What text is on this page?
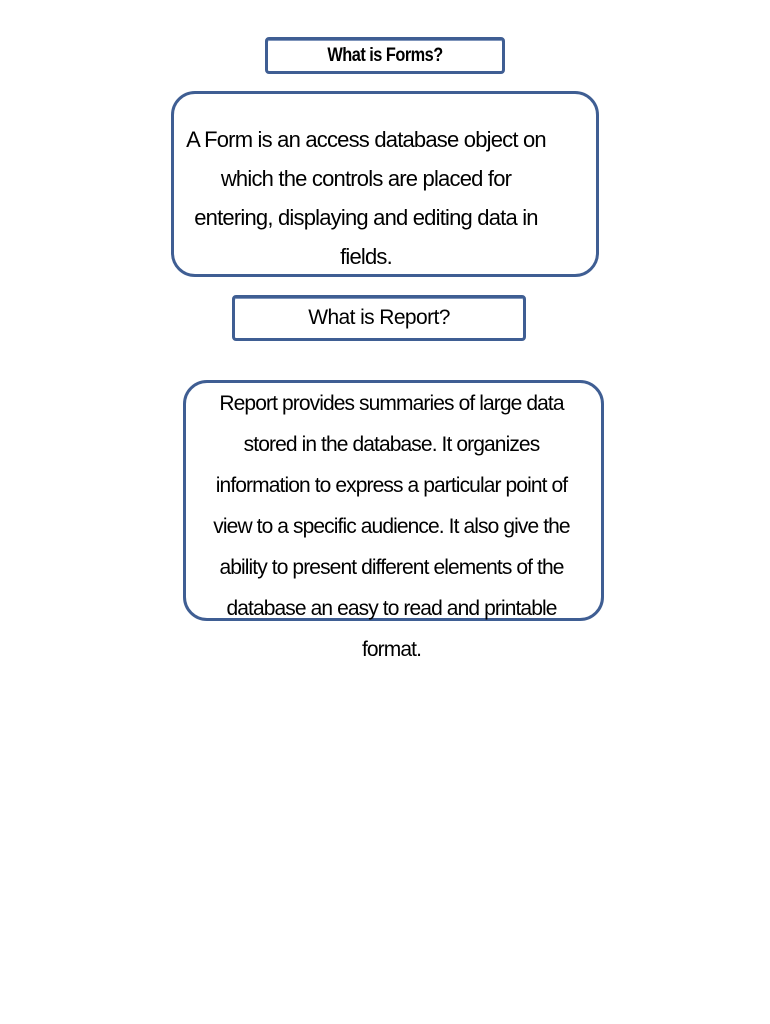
What is Forms?

A Form is an access database object on which the controls are placed for entering, displaying and editing data in fields.

What is Report?

Report provides summaries of large data stored in the database. It organizes information to express a particular point of view to a specific audience. It also give the ability to present different elements of the database an easy to read and printable format.
